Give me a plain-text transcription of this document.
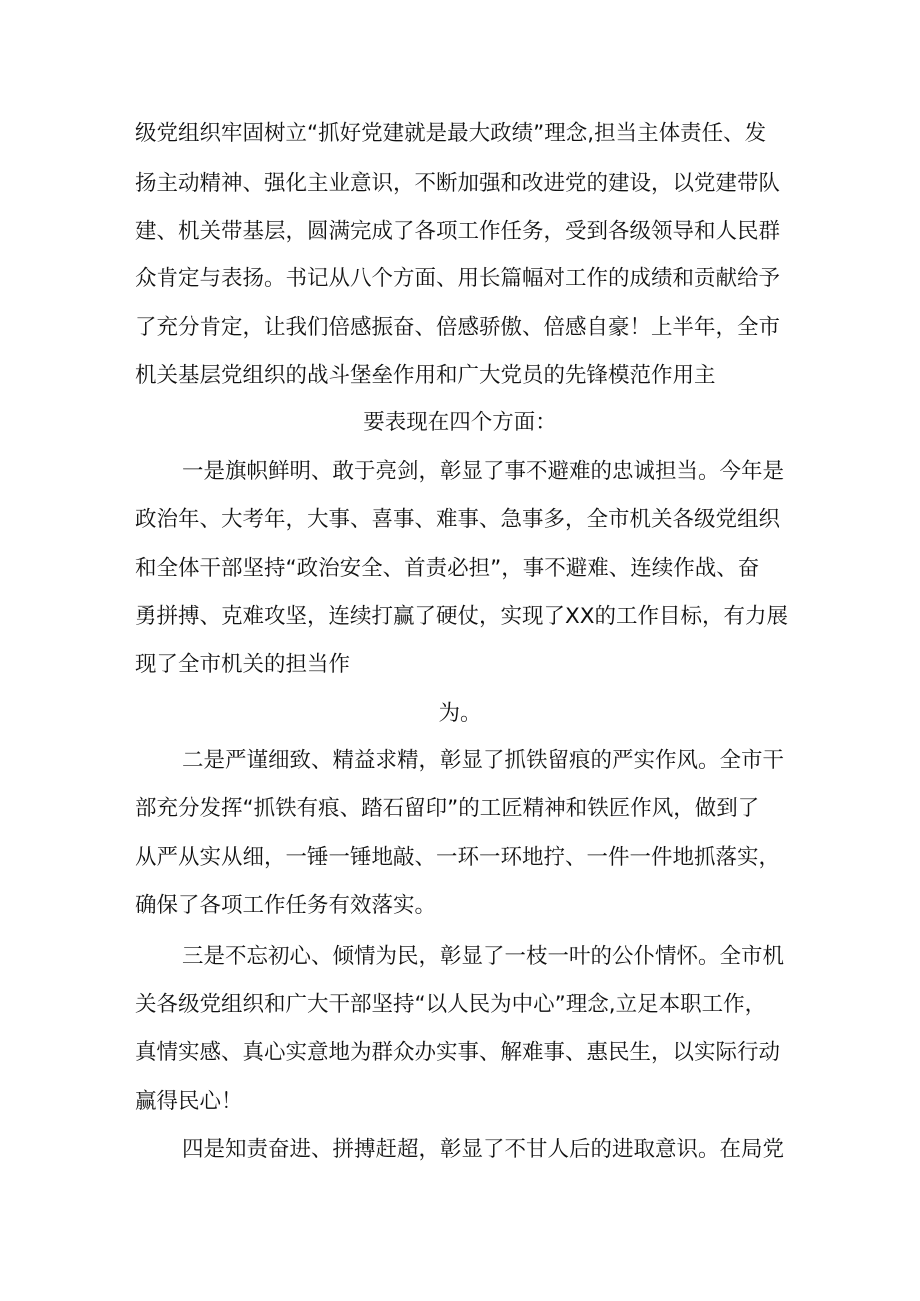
级党组织牢固树立“抓好党建就是最大政绩”理念,担当主体责任、发
扬主动精神、强化主业意识，不断加强和改进党的建设，以党建带队
建、机关带基层，圆满完成了各项工作任务，受到各级领导和人民群
众肯定与表扬。书记从八个方面、用长篇幅对工作的成绩和贡献给予
了充分肯定，让我们倍感振奋、倍感骄傲、倍感自豪！上半年，全市
机关基层党组织的战斗堡垒作用和广大党员的先锋模范作用主
要表现在四个方面：
一是旗帜鲜明、敢于亮剑，彰显了事不避难的忠诚担当。今年是
政治年、大考年，大事、喜事、难事、急事多，全市机关各级党组织
和全体干部坚持“政治安全、首责必担”，事不避难、连续作战、奋
勇拼搏、克难攻坚，连续打赢了硬仗，实现了XX的工作目标，有力展
现了全市机关的担当作
为。
二是严谨细致、精益求精，彰显了抓铁留痕的严实作风。全市干
部充分发挥“抓铁有痕、踏石留印”的工匠精神和铁匠作风，做到了
从严从实从细，一锤一锤地敲、一环一环地拧、一件一件地抓落实，
确保了各项工作任务有效落实。
三是不忘初心、倾情为民，彰显了一枝一叶的公仆情怀。全市机
关各级党组织和广大干部坚持“以人民为中心”理念,立足本职工作，
真情实感、真心实意地为群众办实事、解难事、惠民生，以实际行动
赢得民心！
四是知责奋进、拼搏赶超，彰显了不甘人后的进取意识。在局党
